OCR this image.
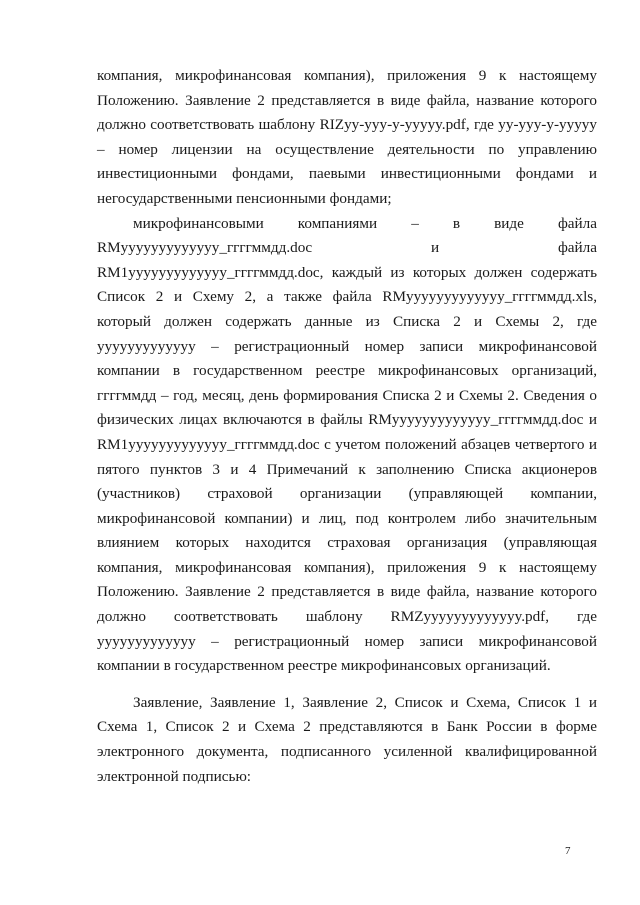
компания, микрофинансовая компания), приложения 9 к настоящему Положению. Заявление 2 представляется в виде файла, название которого должно соответствовать шаблону RIZyy-yyy-y-yyyyy.pdf, где yy-yyy-y-yyyyy – номер лицензии на осуществление деятельности по управлению инвестиционными фондами, паевыми инвестиционными фондами и негосударственными пенсионными фондами;

микрофинансовыми компаниями – в виде файла RMyyyyyyyyyyyyy_ггггммдд.doc и файла RM1yyyyyyyyyyyyy_ггггммдд.doc, каждый из которых должен содержать Список 2 и Схему 2, а также файла RMyyyyyyyyyyyyy_ггггммдд.xls, который должен содержать данные из Списка 2 и Схемы 2, где yyyyyyyyyyyyy – регистрационный номер записи микрофинансовой компании в государственном реестре микрофинансовых организаций, ггггммдд – год, месяц, день формирования Списка 2 и Схемы 2. Сведения о физических лицах включаются в файлы RMyyyyyyyyyyyyy_ггггммдд.doc и RM1yyyyyyyyyyyyy_ггггммдд.doc с учетом положений абзацев четвертого и пятого пунктов 3 и 4 Примечаний к заполнению Списка акционеров (участников) страховой организации (управляющей компании, микрофинансовой компании) и лиц, под контролем либо значительным влиянием которых находится страховая организация (управляющая компания, микрофинансовая компания), приложения 9 к настоящему Положению. Заявление 2 представляется в виде файла, название которого должно соответствовать шаблону RMZyyyyyyyyyyyyy.pdf, где yyyyyyyyyyyyy – регистрационный номер записи микрофинансовой компании в государственном реестре микрофинансовых организаций.

Заявление, Заявление 1, Заявление 2, Список и Схема, Список 1 и Схема 1, Список 2 и Схема 2 представляются в Банк России в форме электронного документа, подписанного усиленной квалифицированной электронной подписью:

7
